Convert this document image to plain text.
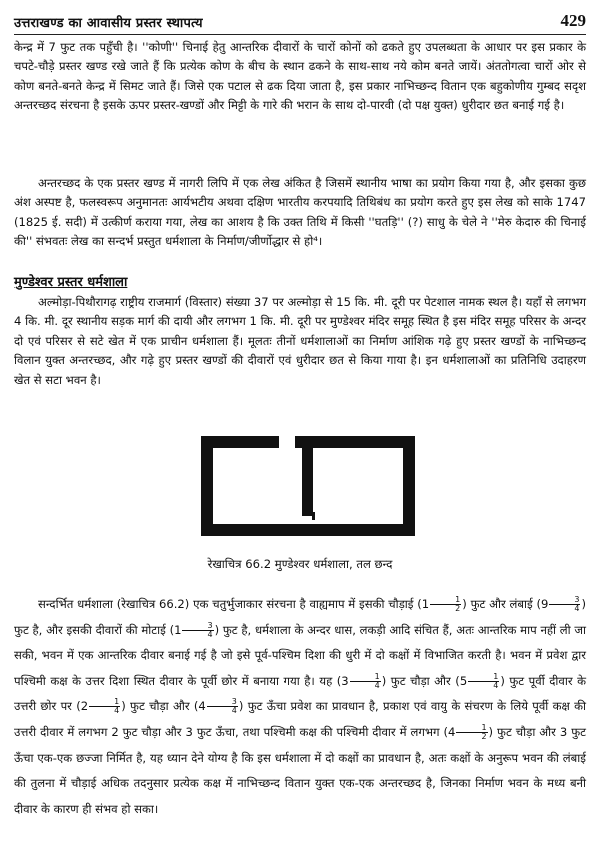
उत्तराखण्ड का आवासीय प्रस्तर स्थापत्य	429

केन्द्र में 7 फुट तक पहुँची है। ''कोणी'' चिनाई हेतु आन्तरिक दीवारों के चारों कोनों को ढकते हुए उपलब्धता के आधार पर इस प्रकार के चपटे-चौड़े प्रस्तर खण्ड रखे जाते हैं कि प्रत्येक कोण के बीच के स्थान ढकने के साथ-साथ नये कोम बनते जायें। अंततोगत्वा चारों ओर से कोण बनते-बनते केन्द्र में सिमट जाते हैं। जिसे एक पटाल से ढक दिया जाता है, इस प्रकार नाभिच्छन्द वितान एक बहुकोणीय गुम्बद सदृश अन्तरच्छद संरचना है इसके ऊपर प्रस्तर-खण्डों और मिट्टी के गारे की भरान के साथ दो-पारवी (दो पक्ष युक्त) धुरीदार छत बनाई गई है।

अन्तरच्छद के एक प्रस्तर खण्ड में नागरी लिपि में एक लेख अंकित है जिसमें स्थानीय भाषा का प्रयोग किया गया है, और इसका कुछ अंश अस्पष्ट है, फलस्वरूप अनुमानतः आर्यभटीय अथवा दक्षिण भारतीय करपयादि तिथिबंध का प्रयोग करते हुए इस लेख को साके 1747 (1825 ई. सदी) में उत्कीर्ण कराया गया, लेख का आशय है कि उक्त तिथि में किसी ''घतड़ि'' (?) साधु के चेले ने ''मेरु केदारु की चिनाई की'' संभवतः लेख का सन्दर्भ प्रस्तुत धर्मशाला के निर्माण/जीर्णोद्धार से हो⁴।

मुण्डेश्वर प्रस्तर धर्मशाला

अल्मोड़ा-पिथौरागढ़ राष्ट्रीय राजमार्ग (विस्तार) संख्या 37 पर अल्मोड़ा से 15 कि. मी. दूरी पर पेटशाल नामक स्थल है। यहाँ से लगभग 4 कि. मी. दूर स्थानीय सड़क मार्ग की दायी और लगभग 1 कि. मी. दूरी पर मुण्डेश्वर मंदिर समूह स्थित है इस मंदिर समूह परिसर के अन्दर दो एवं परिसर से सटे खेत में एक प्राचीन धर्मशाला हैं। मूलतः तीनों धर्मशालाओं का निर्माण आंशिक गढ़े हुए प्रस्तर खण्डों के नाभिच्छन्द विलान युक्त अन्तरच्छद, और गढ़े हुए प्रस्तर खण्डों की दीवारों एवं धुरीदार छत से किया गाया है। इन धर्मशालाओं का प्रतिनिधि उदाहरण खेत से सटा भवन है।

रेखाचित्र 66.2 मुण्डेश्वर धर्मशाला, तल छन्द

सन्दर्भित धर्मशाला (रेखाचित्र 66.2) एक चतुर्भुजाकार संरचना है वाह्यमाप में इसकी चौड़ाई ($1 \frac{1}{2}$ ) फुट और लंबाई ($9 \frac{3}{4}$ ) फुट है, और इसकी दीवारों की मोटाई ($1 \frac{3}{4}$ ) फुट है, धर्मशाला के अन्दर धास, लकड़ी आदि संचित हैं, अतः आन्तरिक माप नहीं ली जा सकी, भवन में एक आन्तरिक दीवार बनाई गई है जो इसे पूर्व-पश्चिम दिशा की धुरी में दो कक्षों में विभाजित करती है। भवन में प्रवेश द्वार पश्चिमी कक्ष के उत्तर दिशा स्थित दीवार के पूर्वी छोर में बनाया गया है। यह ($3 \frac{1}{4}$ ) फुट चौड़ा और ($5 \frac{1}{4}$ ) फुट पूर्वी दीवार के उत्तरी छोर पर ($2 \frac{1}{4}$ ) फुट चौड़ा और ($4 \frac{3}{4}$ ) फुट ऊँचा प्रवेश का प्रावधान है, प्रकाश एवं वायु के संचरण के लिये पूर्वी कक्ष की उत्तरी दीवार में लगभग 2 फुट चौड़ा और 3 फुट ऊँचा, तथा पश्चिमी कक्ष की पश्चिमी दीवार में लगभग ($4 \frac{1}{2}$ ) फुट चौड़ा और 3 फुट ऊँचा एक-एक छज्जा निर्मित है, यह ध्यान देने योग्य है कि इस धर्मशाला में दो कक्षों का प्रावधान है, अतः कक्षों के अनुरूप भवन की लंबाई की तुलना में चौड़ाई अधिक तदनुसार प्रत्येक कक्ष में नाभिच्छन्द वितान युक्त एक-एक अन्तरच्छद है, जिनका निर्माण भवन के मध्य बनी दीवार के कारण ही संभव हो सका।
